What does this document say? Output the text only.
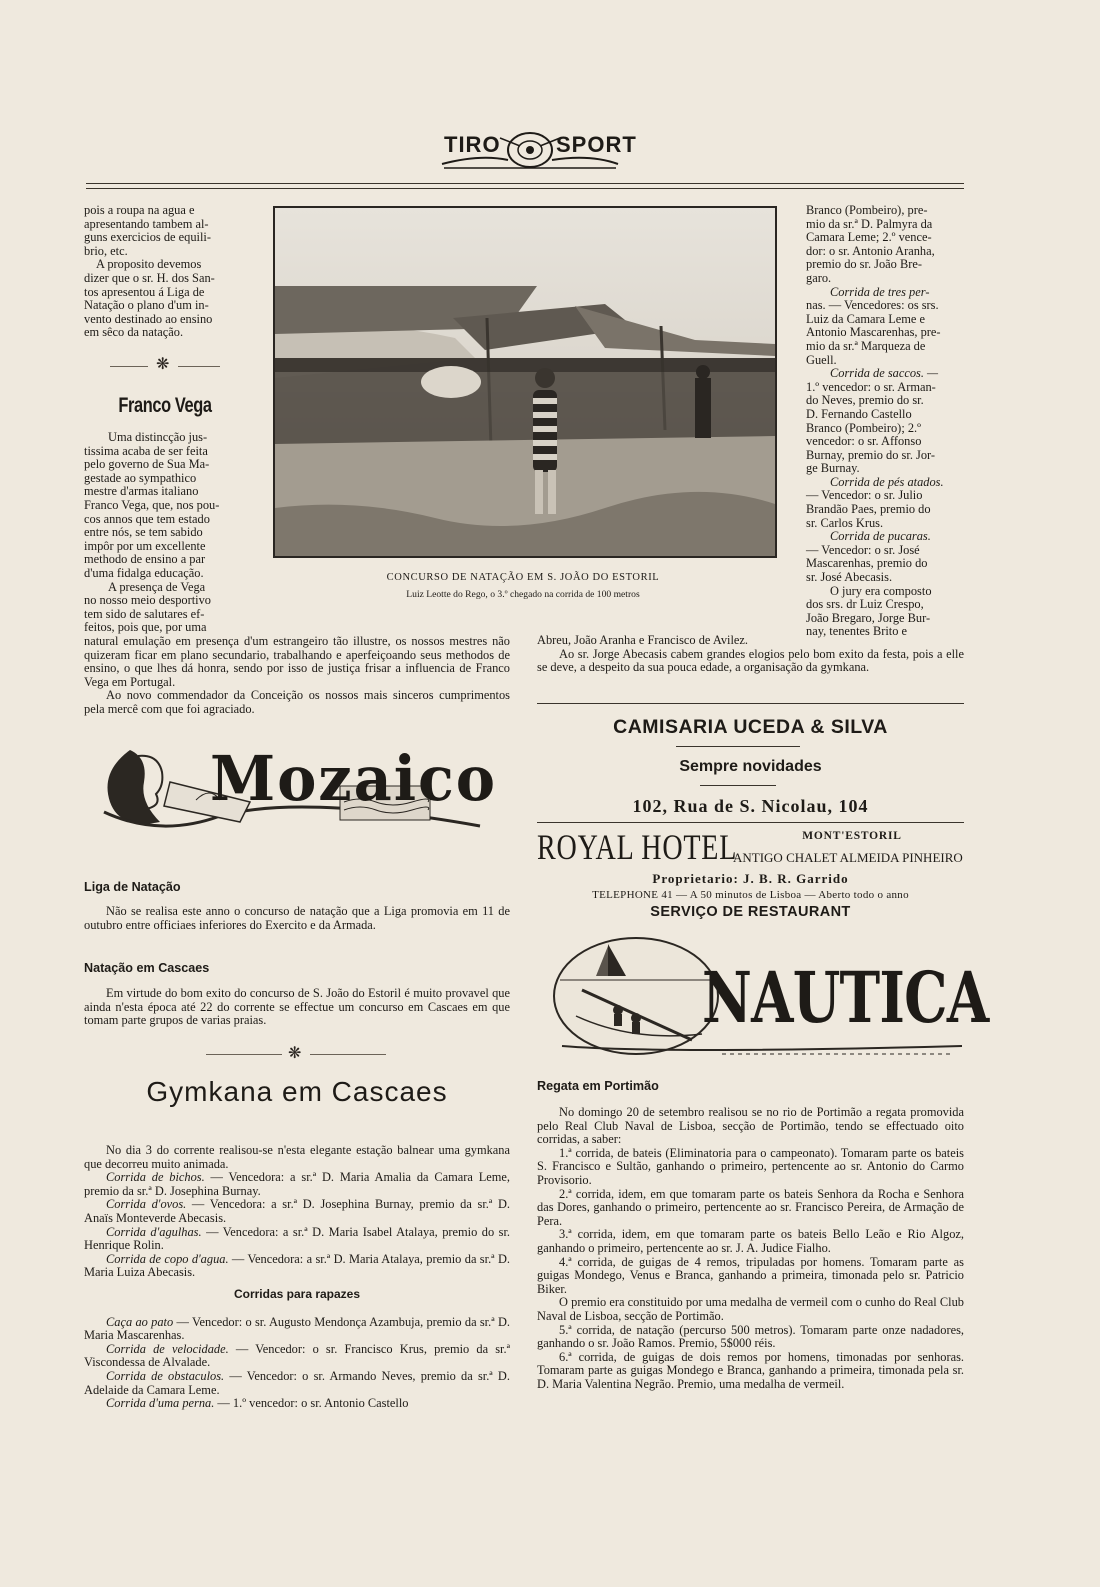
TIRO	SPORT

pois a roupa na agua e

apresentando tambem al-

guns exercicios de equili-

brio, etc.

A proposito devemos

dizer que o sr. H. dos San-

tos apresentou á Liga de

Natação o plano d'um in-

vento destinado ao ensino

em sêco da natação.

❋
Franco Vega

Uma distincção jus-

tissima acaba de ser feita

pelo governo de Sua Ma-

gestade ao sympathico

mestre d'armas italiano

Franco Vega, que, nos pou-

cos annos que tem estado

entre nós, se tem sabido

impôr por um excellente

methodo de ensino a par

d'uma fidalga educação.

A presença de Vega

no nosso meio desportivo

tem sido de salutares ef-

feitos, pois que, por uma

natural emulação em presença d'um estrangeiro tão illustre, os nossos mestres não quizeram ficar em plano secundario, trabalhando e aperfeiçoando seus methodos de ensino, o que lhes dá honra, sendo por isso de justiça frisar a influencia de Franco Vega em Portugal.

Ao novo commendador da Conceição os nossos mais sinceros cumprimentos pela mercê com que foi agraciado.

CONCURSO DE NATAÇÃO EM S. JOÃO DO ESTORIL
Luiz Leotte do Rego, o 3.º chegado na corrida de 100 metros

Branco (Pombeiro), pre-

mio da sr.ª D. Palmyra da

Camara Leme; 2.º vence-

dor: o sr. Antonio Aranha,

premio do sr. João Bre-

garo.

Corrida de tres per-

nas. — Vencedores: os srs.

Luiz da Camara Leme e

Antonio Mascarenhas, pre-

mio da sr.ª Marqueza de

Guell.

Corrida de saccos. —

1.º vencedor: o sr. Arman-

do Neves, premio do sr.

D. Fernando Castello

Branco (Pombeiro); 2.º

vencedor: o sr. Affonso

Burnay, premio do sr. Jor-

ge Burnay.

Corrida de pés atados.

— Vencedor: o sr. Julio

Brandão Paes, premio do

sr. Carlos Krus.

Corrida de pucaras.

— Vencedor: o sr. José

Mascarenhas, premio do

sr. José Abecasis.

O jury era composto

dos srs. dr Luiz Crespo,

João Bregaro, Jorge Bur-

nay, tenentes Brito e

Abreu, João Aranha e Francisco de Avilez.

Ao sr. Jorge Abecasis cabem grandes elogios pelo bom exito da festa, pois a elle se deve, a despeito da sua pouca edade, a organisação da gymkana.

Mozaico
Liga de Natação

Não se realisa este anno o concurso de natação que a Liga promovia em 11 de outubro entre officiaes inferiores do Exercito e da Armada.

Natação em Cascaes

Em virtude do bom exito do concurso de S. João do Estoril é muito provavel que ainda n'esta época até 22 do corrente se effectue um concurso em Cascaes em que tomam parte grupos de varias praias.

❋
Gymkana em Cascaes

No dia 3 do corrente realisou-se n'esta elegante estação balnear uma gymkana que decorreu muito animada.

Corrida de bichos. — Vencedora: a sr.ª D. Maria Amalia da Camara Leme, premio da sr.ª D. Josephina Burnay.

Corrida d'ovos. — Vencedora: a sr.ª D. Josephina Burnay, premio da sr.ª D. Anaïs Monteverde Abecasis.

Corrida d'agulhas. — Vencedora: a sr.ª D. Maria Isabel Atalaya, premio do sr. Henrique Rolin.

Corrida de copo d'agua. — Vencedora: a sr.ª D. Maria Atalaya, premio da sr.ª D. Maria Luiza Abecasis.

Corridas para rapazes

Caça ao pato — Vencedor: o sr. Augusto Mendonça Azambuja, premio da sr.ª D. Maria Mascarenhas.

Corrida de velocidade. — Vencedor: o sr. Francisco Krus, premio da sr.ª Viscondessa de Alvalade.

Corrida de obstaculos. — Vencedor: o sr. Armando Neves, premio da sr.ª D. Adelaide da Camara Leme.

Corrida d'uma perna. — 1.º vencedor: o sr. Antonio Castello

CAMISARIA UCEDA & SILVA
Sempre novidades
102, Rua de S. Nicolau, 104
ROYAL HOTEL	MONT'ESTORIL
ANTIGO CHALET ALMEIDA PINHEIRO
Proprietario: J. B. R. Garrido
TELEPHONE 41 — A 50 minutos de Lisboa — Aberto todo o anno
SERVIÇO DE RESTAURANT
NAUTICA
Regata em Portimão

No domingo 20 de setembro realisou se no rio de Portimão a regata promovida pelo Real Club Naval de Lisboa, secção de Portimão, tendo se effectuado oito corridas, a saber:

1.ª corrida, de bateis (Eliminatoria para o campeonato). Tomaram parte os bateis S. Francisco e Sultão, ganhando o primeiro, pertencente ao sr. Antonio do Carmo Provisorio.

2.ª corrida, idem, em que tomaram parte os bateis Senhora da Rocha e Senhora das Dores, ganhando o primeiro, pertencente ao sr. Francisco Pereira, de Armação de Pera.

3.ª corrida, idem, em que tomaram parte os bateis Bello Leão e Rio Algoz, ganhando o primeiro, pertencente ao sr. J. A. Judice Fialho.

4.ª corrida, de guigas de 4 remos, tripuladas por homens. Tomaram parte as guigas Mondego, Venus e Branca, ganhando a primeira, timonada pelo sr. Patricio Biker.

O premio era constituido por uma medalha de vermeil com o cunho do Real Club Naval de Lisboa, secção de Portimão.

5.ª corrida, de natação (percurso 500 metros). Tomaram parte onze nadadores, ganhando o sr. João Ramos. Premio, 5$000 réis.

6.ª corrida, de guigas de dois remos por homens, timonadas por senhoras. Tomaram parte as guigas Mondego e Branca, ganhando a primeira, timonada pela sr. D. Maria Valentina Negrão. Premio, uma medalha de vermeil.
